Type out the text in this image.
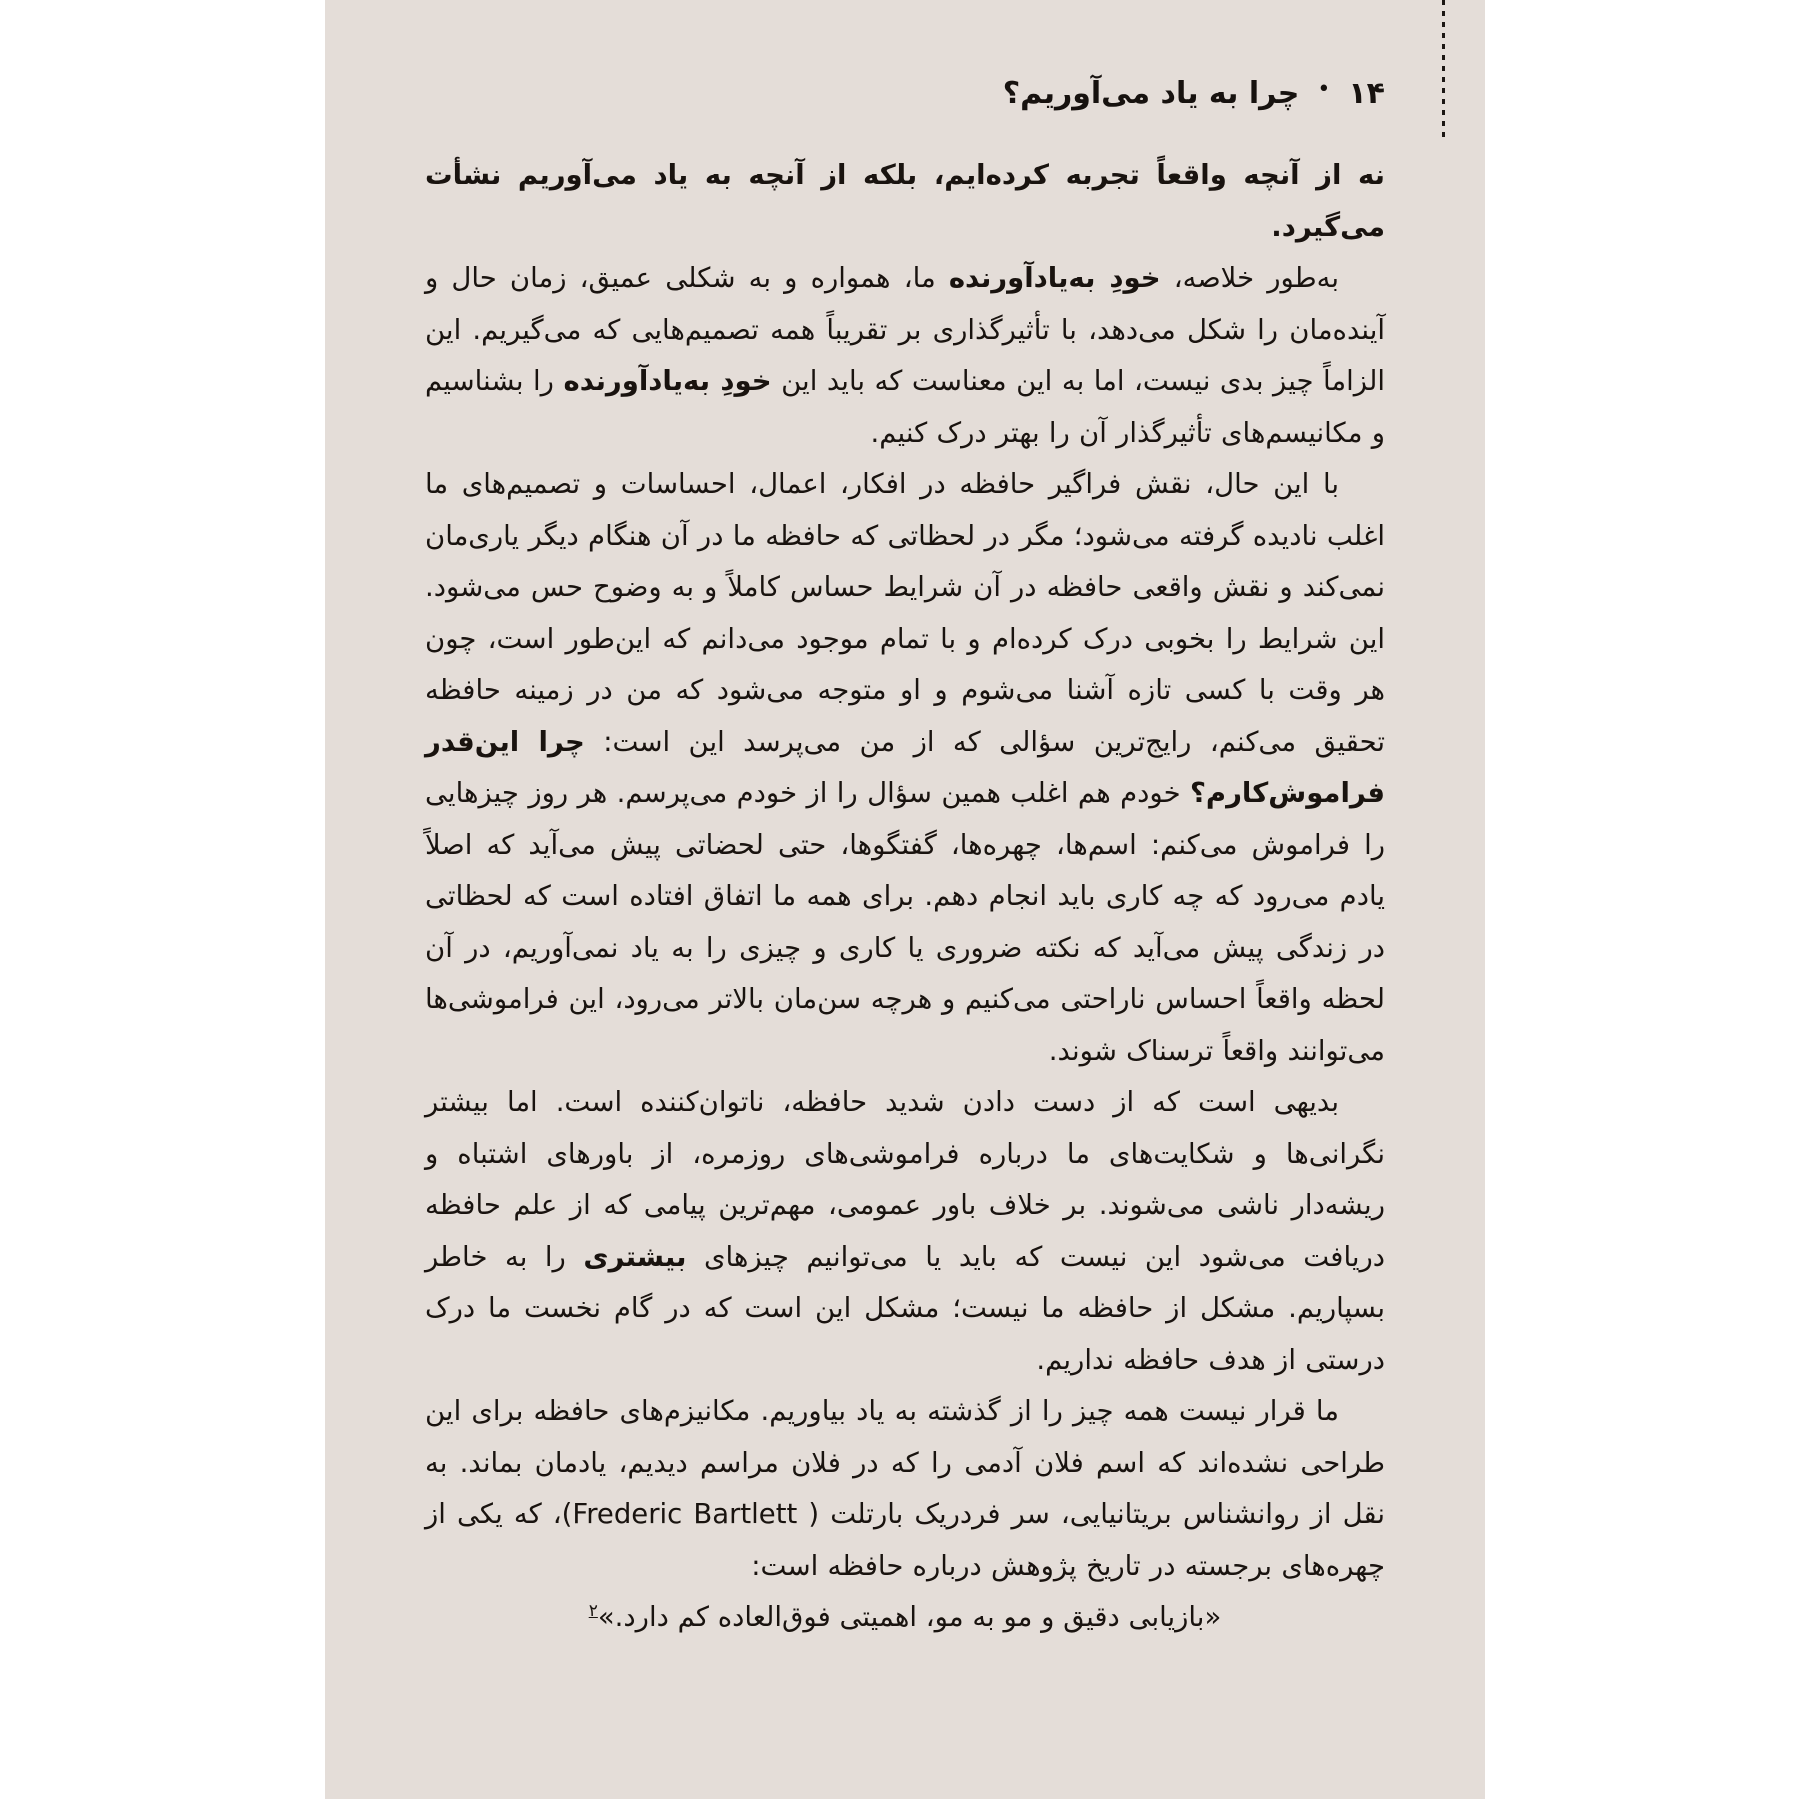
۱۴
•
چرا به یاد می‌آوریم؟

نه از آنچه واقعاً تجربه کرده‌ایم، بلکه از آنچه به یاد می‌آوریم نشأت می‌گیرد.

به‌طور خلاصه، خودِ به‌یادآورنده ما، همواره و به شکلی عمیق، زمان حال و آینده‌مان را شکل می‌دهد، با تأثیرگذاری بر تقریباً همه تصمیم‌هایی که می‌گیریم. این الزاماً چیز بدی نیست، اما به این معناست که باید این خودِ به‌یادآورنده را بشناسیم و مکانیسم‌های تأثیرگذار آن را بهتر درک کنیم.

با این حال، نقش فراگیر حافظه در افکار، اعمال، احساسات و تصمیم‌های ما اغلب نادیده گرفته می‌شود؛ مگر در لحظاتی که حافظه ما در آن هنگام دیگر یاری‌مان نمی‌کند و نقش واقعی حافظه در آن شرایط حساس کاملاً و به وضوح حس می‌شود. این شرایط را بخوبی درک کرده‌ام و با تمام موجود می‌دانم که این‌طور است، چون هر وقت با کسی تازه آشنا می‌شوم و او متوجه می‌شود که من در زمینه حافظه تحقیق می‌کنم، رایج‌ترین سؤالی که از من می‌پرسد این است: چرا این‌قدر فراموش‌کارم؟ خودم هم اغلب همین سؤال را از خودم می‌پرسم. هر روز چیزهایی را فراموش می‌کنم: اسم‌ها، چهره‌ها، گفتگوها، حتی لحضاتی پیش می‌آید که اصلاً یادم می‌رود که چه کاری باید انجام دهم. برای همه ما اتفاق افتاده است که لحظاتی در زندگی پیش می‌آید که نکته ضروری یا کاری و چیزی را به یاد نمی‌آوریم، در آن لحظه واقعاً احساس ناراحتی می‌کنیم و هرچه سن‌مان بالاتر می‌رود، این فراموشی‌ها می‌توانند واقعاً ترسناک شوند.

بدیهی است که از دست دادن شدید حافظه، ناتوان‌کننده است. اما بیشتر نگرانی‌ها و شکایت‌های ما درباره فراموشی‌های روزمره، از باورهای اشتباه و ریشه‌دار ناشی می‌شوند. بر خلاف باور عمومی، مهم‌ترین پیامی که از علم حافظه دریافت می‌شود این نیست که باید یا می‌توانیم چیزهای بیشتری را به خاطر بسپاریم. مشکل از حافظه ما نیست؛ مشکل این است که در گام نخست ما درک درستی از هدف حافظه نداریم.

ما قرار نیست همه چیز را از گذشته به یاد بیاوریم. مکانیزم‌های حافظه برای این طراحی نشده‌اند که اسم فلان آدمی را که در فلان مراسم دیدیم، یادمان بماند. به نقل از روانشناس بریتانیایی، سر فردریک بارتلت ( Frederic Bartlett)، که یکی از چهره‌های برجسته در تاریخ پژوهش درباره حافظه است:

«بازیابی دقیق و مو به مو، اهمیتی فوق‌العاده کم دارد.»$^۲$
